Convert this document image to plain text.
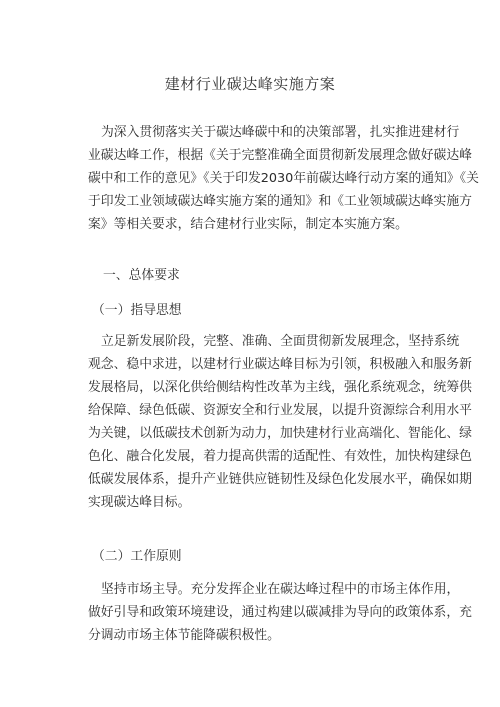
建材行业碳达峰实施方案
为深入贯彻落实关于碳达峰碳中和的决策部署，扎实推进建材行
业碳达峰工作，根据《关于完整准确全面贯彻新发展理念做好碳达峰
碳中和工作的意见》《关于印发2030年前碳达峰行动方案的通知》《关
于印发工业领域碳达峰实施方案的通知》和《工业领域碳达峰实施方
案》等相关要求，结合建材行业实际，制定本实施方案。
一、总体要求
（一）指导思想
立足新发展阶段，完整、准确、全面贯彻新发展理念，坚持系统
观念、稳中求进，以建材行业碳达峰目标为引领，积极融入和服务新
发展格局，以深化供给侧结构性改革为主线，强化系统观念，统筹供
给保障、绿色低碳、资源安全和行业发展，以提升资源综合利用水平
为关键，以低碳技术创新为动力，加快建材行业高端化、智能化、绿
色化、融合化发展，着力提高供需的适配性、有效性，加快构建绿色
低碳发展体系，提升产业链供应链韧性及绿色化发展水平，确保如期
实现碳达峰目标。
（二）工作原则
坚持市场主导。充分发挥企业在碳达峰过程中的市场主体作用，
做好引导和政策环境建设，通过构建以碳减排为导向的政策体系，充
分调动市场主体节能降碳积极性。
